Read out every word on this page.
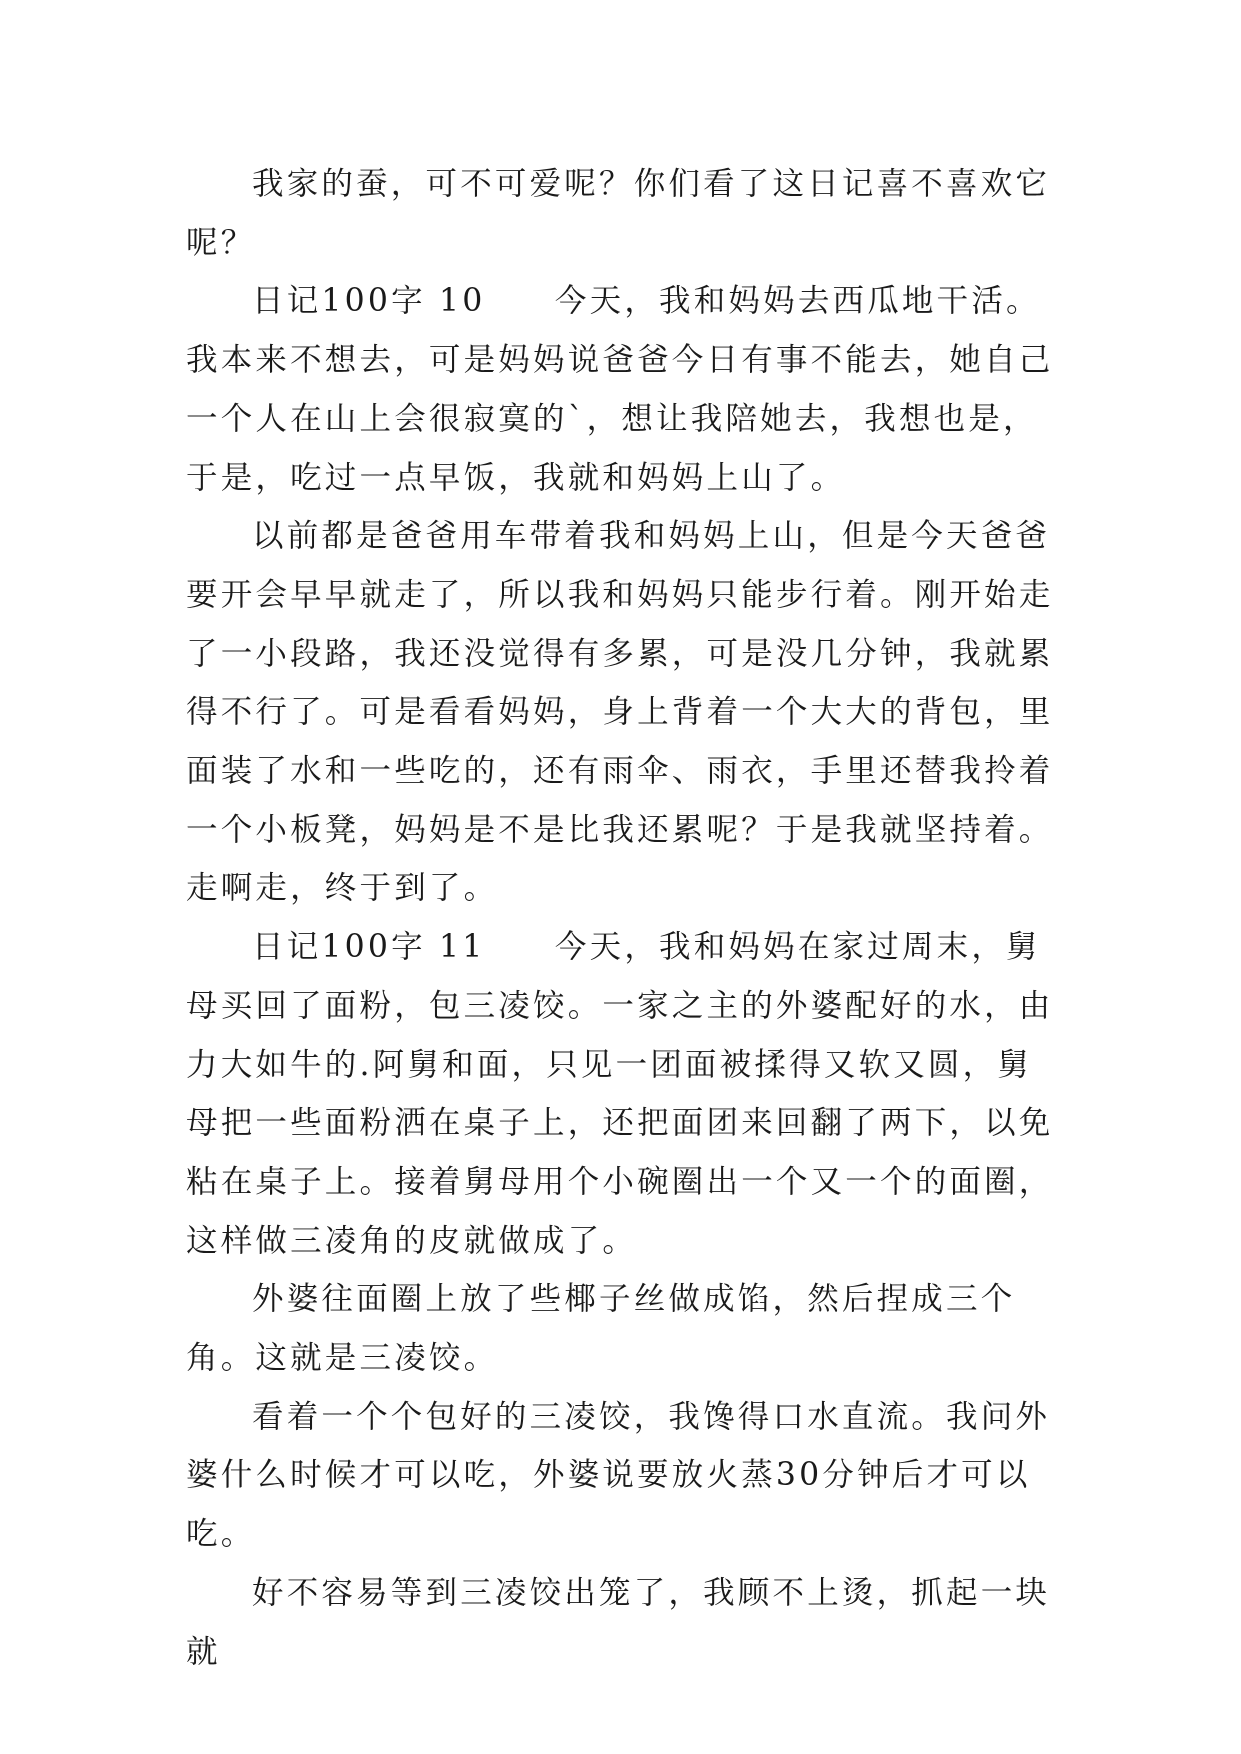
我家的蚕，可不可爱呢？你们看了这日记喜不喜欢它呢？

日记100字 10　　今天，我和妈妈去西瓜地干活。我本来不想去，可是妈妈说爸爸今日有事不能去，她自己一个人在山上会很寂寞的`，想让我陪她去，我想也是，于是，吃过一点早饭，我就和妈妈上山了。

以前都是爸爸用车带着我和妈妈上山，但是今天爸爸要开会早早就走了，所以我和妈妈只能步行着。刚开始走了一小段路，我还没觉得有多累，可是没几分钟，我就累得不行了。可是看看妈妈，身上背着一个大大的背包，里面装了水和一些吃的，还有雨伞、雨衣，手里还替我拎着一个小板凳，妈妈是不是比我还累呢？于是我就坚持着。走啊走，终于到了。

日记100字 11　　今天，我和妈妈在家过周末，舅母买回了面粉，包三凌饺。一家之主的外婆配好的水，由力大如牛的.阿舅和面，只见一团面被揉得又软又圆，舅母把一些面粉洒在桌子上，还把面团来回翻了两下，以免粘在桌子上。接着舅母用个小碗圈出一个又一个的面圈，这样做三凌角的皮就做成了。

外婆往面圈上放了些椰子丝做成馅，然后捏成三个角。这就是三凌饺。

看着一个个包好的三凌饺，我馋得口水直流。我问外婆什么时候才可以吃，外婆说要放火蒸30分钟后才可以吃。

好不容易等到三凌饺出笼了，我顾不上烫，抓起一块就
